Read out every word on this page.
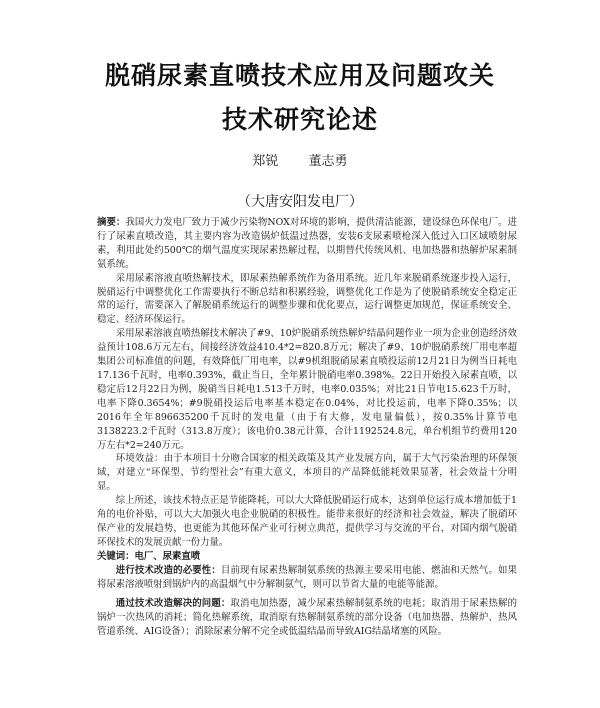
脱硝尿素直喷技术应用及问题攻关
技术研究论述
郑锐 董志勇
（大唐安阳发电厂）

摘要：我国火力发电厂致力于减少污染物NOX对环境的影响，提供清洁能源，建设绿色环保电厂。进行了尿素直喷改造，其主要内容为改造锅炉低温过热器，安装6支尿素喷枪深入低过入口区域喷射尿素，利用此处约500℃的烟气温度实现尿素热解过程，以期替代传统风机、电加热器和热解炉尿素制氨系统。

采用尿素溶液直喷热解技术，即尿素热解系统作为备用系统。近几年来脱硝系统逐步投入运行，脱硝运行中调整优化工作需要执行不断总结和积累经验，调整优化工作是为了使脱硝系统安全稳定正常的运行，需要深入了解脱硝系统运行的调整步骤和优化要点，运行调整更加规范，保证系统安全、稳定、经济环保运行。

采用尿素溶液直喷热解技术解决了#9、10炉脱硝系统热解炉结晶问题作业一项为企业创造经济效益预计108.6万元左右，间接经济效益410.4*2=820.8万元；解决了#9、10炉脱硝系统厂用电率超集团公司标准值的问题，有效降低厂用电率，以#9机组脱硝尿素直喷投运前12月21日为例当日耗电17.136千瓦时，电率0.393%，截止当日，全年累计脱硝电率0.398%。22日开始投入尿素直喷，以稳定后12月22日为例，脱硝当日耗电1.513千万时，电率0.035%；对比21日节电15.623千万时，电率下降0.3654%；#9脱硝投运后电率基本稳定在0.04%，对比投运前，电率下降0.35%；以2016年全年896635200千瓦时的发电量（由于有大修，发电量偏低），按0.35%计算节电3138223.2千瓦时（313.8万度）；该电价0.38元计算，合计1192524.8元，单台机组节约费用120万左右*2=240万元。

环境效益：由于本项目十分吻合国家的相关政策及其产业发展方向，属于大气污染治理的环保领域，对建立“环保型、节约型社会”有重大意义，本项目的产品降低能耗效果显著，社会效益十分明显。

综上所述，该技术特点正是节能降耗，可以大大降低脱硝运行成本，达到单位运行成本增加低于1角的电价补贴，可以大大加强火电企业脱硝的积极性。能带来很好的经济和社会效益，解决了脱硝环保产业的发展趋势，也更能为其他环保产业可行树立典范，提供学习与交流的平台，对国内烟气脱硝环保技术的发展贡献一份力量。

关键词：电厂、尿素直喷

进行技术改造的必要性：目前现有尿素热解制氨系统的热源主要采用电能、燃油和天然气。如果将尿素溶液喷射到锅炉内的高温烟气中分解制氨气，则可以节省大量的电能等能源。

通过技术改造解决的问题：取消电加热器，减少尿素热解制氨系统的电耗；取消用于尿素热解的锅炉一次热风的消耗；简化热解系统，取消原有热解制氨系统的部分设备（电加热器、热解炉、热风管道系统、AIG设备）；消除尿素分解不完全或低温结晶而导致AIG结晶堵塞的风险。
